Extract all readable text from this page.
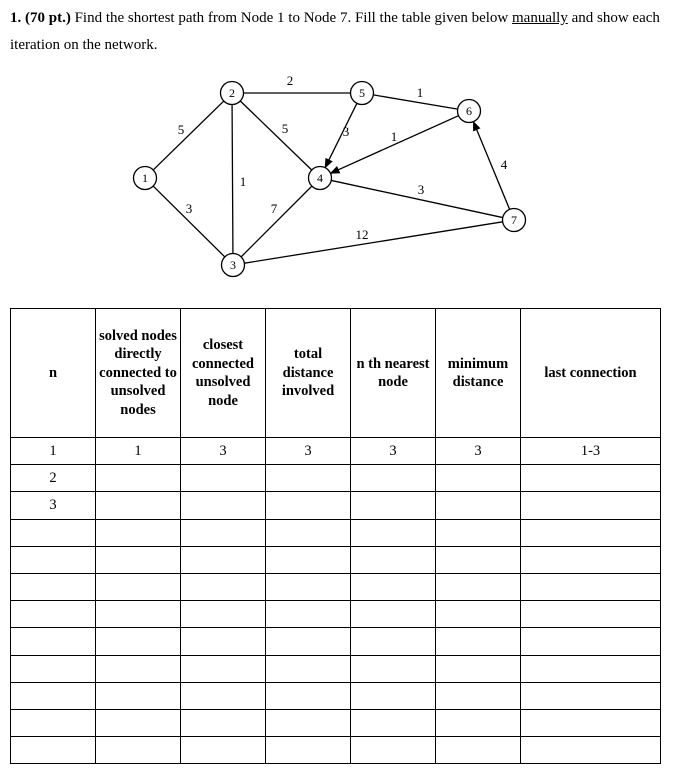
1. (70 pt.) Find the shortest path from Node 1 to Node 7. Fill the table given below manually and show each iteration on the network.
5
3
1
2
5
7
3
1
1
3
4
12
1
2
3
4
5
6
7
n	solved nodes directly connected to unsolved nodes	closest connected unsolved node	total distance involved	n th nearest node	minimum distance	last connection
1	1	3	3	3	3	1-3
2						
3						
